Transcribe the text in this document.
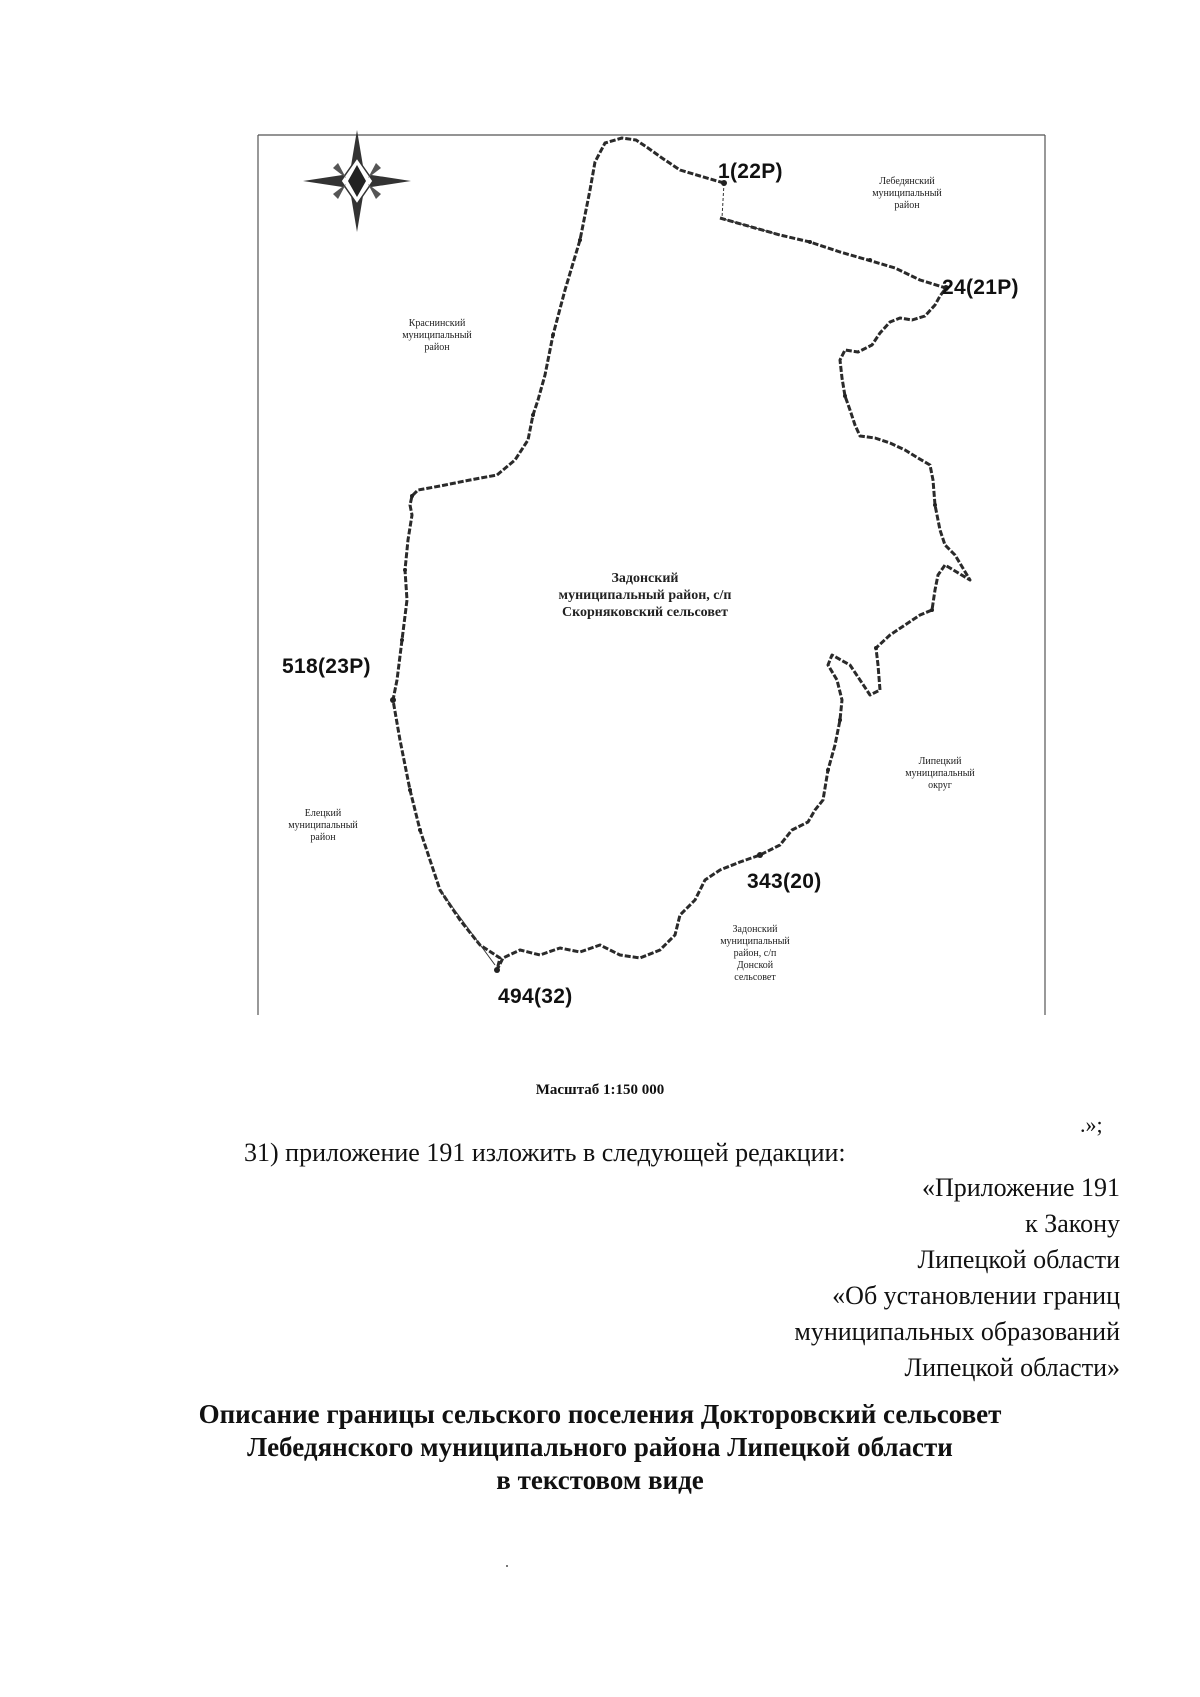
Лебедянский
муниципальный
район
Краснинский
муниципальный
район
Задонский
муниципальный район, с/п
Скорняковский сельсовет
Липецкий
муниципальный
округ
Елецкий
муниципальный
район
Задонский
муниципальный
район, с/п
Донской
сельсовет
1(22P)
24(21P)
518(23P)
343(20)
494(32)
Масштаб 1:150 000
.»;
31) приложение 191 изложить в следующей редакции:
«Приложение 191
к Закону
Липецкой области
«Об установлении границ
муниципальных образований
Липецкой области»
Описание границы сельского поселения Докторовский сельсовет
Лебедянского муниципального района Липецкой области
в текстовом виде
